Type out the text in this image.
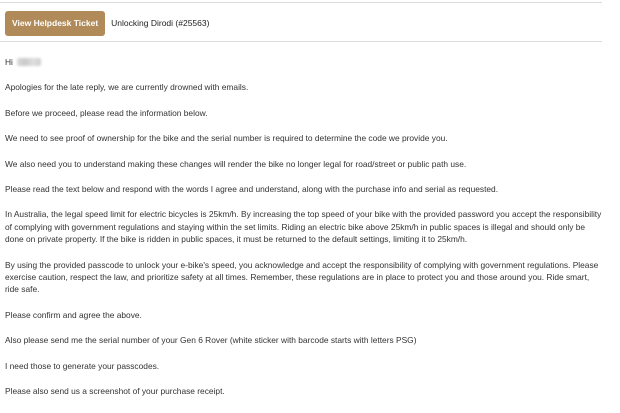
View Helpdesk Ticket	Unlocking Dirodi (#25563)

Hi

Apologies for the late reply, we are currently drowned with emails.

Before we proceed, please read the information below.

We need to see proof of ownership for the bike and the serial number is required to determine the code we provide you.

We also need you to understand making these changes will render the bike no longer legal for road/street or public path use.

Please read the text below and respond with the words I agree and understand, along with the purchase info and serial as requested.

In Australia, the legal speed limit for electric bicycles is 25km/h. By increasing the top speed of your bike with the provided password you accept the responsibility of complying with government regulations and staying within the set limits. Riding an electric bike above 25km/h in public spaces is illegal and should only be done on private property. If the bike is ridden in public spaces, it must be returned to the default settings, limiting it to 25km/h.

By using the provided passcode to unlock your e-bike's speed, you acknowledge and accept the responsibility of complying with government regulations. Please exercise caution, respect the law, and prioritize safety at all times. Remember, these regulations are in place to protect you and those around you. Ride smart, ride safe.

Please confirm and agree the above.

Also please send me the serial number of your Gen 6 Rover (white sticker with barcode starts with letters PSG)

I need those to generate your passcodes.

Please also send us a screenshot of your purchase receipt.
